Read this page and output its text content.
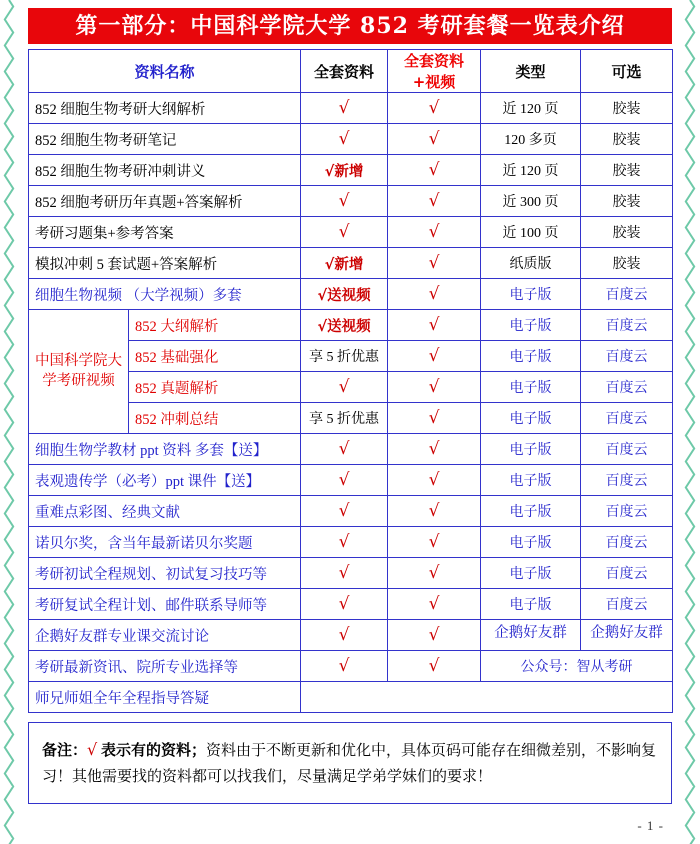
第一部分：中国科学院大学 852 考研套餐一览表介绍
资料名称		全套资料	全套资料+视频	类型	可选
852 细胞生物考研大纲解析		√	√	近 120 页	胶装
852 细胞生物考研笔记		√	√	120 多页	胶装
852 细胞生物考研冲刺讲义		√新增	√	近 120 页	胶装
852 细胞考研历年真题+答案解析		√	√	近 300 页	胶装
考研习题集+参考答案		√	√	近 100 页	胶装
模拟冲刺 5 套试题+答案解析		√新增	√	纸质版	胶装
细胞生物视频 （大学视频）多套		√送视频	√	电子版	百度云
中国科学院大学考研视频	852 大纲解析	√送视频	√	电子版	百度云
	852 基础强化	享 5 折优惠	√	电子版	百度云
	852 真题解析	√	√	电子版	百度云
	852 冲刺总结	享 5 折优惠	√	电子版	百度云
细胞生物学教材 ppt 资料 多套【送】		√	√	电子版	百度云
表观遗传学（必考）ppt 课件【送】		√	√	电子版	百度云
重难点彩图、经典文献		√	√	电子版	百度云
诺贝尔奖，含当年最新诺贝尔奖题		√	√	电子版	百度云
考研初试全程规划、初试复习技巧等		√	√	电子版	百度云
考研复试全程计划、邮件联系导师等		√	√	电子版	百度云
企鹅好友群专业课交流讨论		√	√	企鹅好友群	企鹅好友群

考研最新资讯、院所专业选择等		√	√	公众号：智从考研	
师兄师姐全年全程指导答疑					
备注：√ 表示有的资料；资料由于不断更新和优化中，具体页码可能存在细微差别，不影响复习！其他需要找的资料都可以找我们，尽量满足学弟学妹们的要求！
- 1 -
